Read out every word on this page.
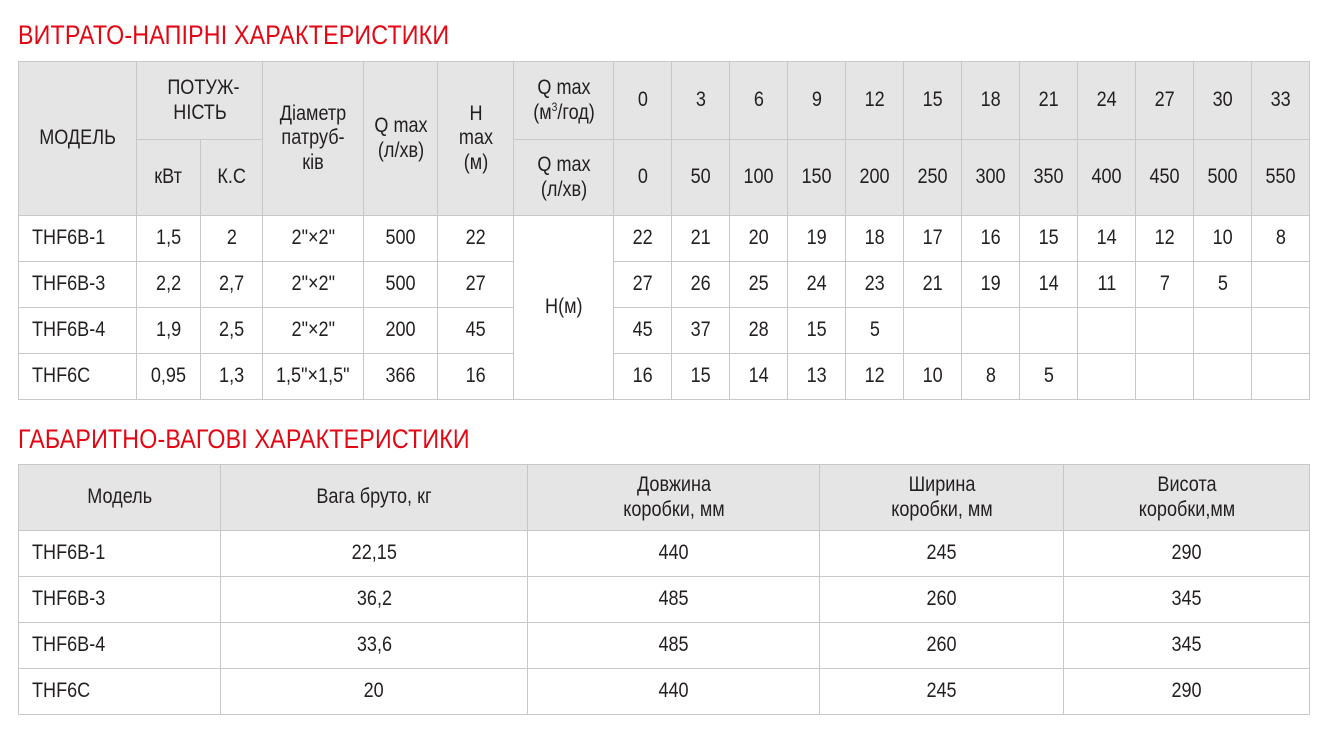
ВИТРАТО-НАПІРНІ ХАРАКТЕРИСТИКИ
МОДЕЛЬ	ПОТУЖ-НІСТЬ		Діаметр патруб-ків	Q max (л/хв)	H max (м)	Q $\max (м^3/год)$	0	3	6	9	12	15	18	21	24	27	30	33
	кВт	К.С				Q max (л/хв)	0	50	100	150	200	250	300	350	400	450	500	550
THF6B-1	1,5	2	2"×2"	500	22	H(м)	22	21	20	19	18	17	16	15	14	12	10	8
THF6B-3	2,2	2,7	2"×2"	500	27		27	26	25	24	23	21	19	14	11	7	5	
THF6B-4	1,9	2,5	2"×2"	200	45		45	37	28	15	5							
THF6C	0,95	1,3	1,5"×1,5"	366	16		16	15	14	13	12	10	8	5				
ГАБАРИТНО-ВАГОВІ ХАРАКТЕРИСТИКИ
Модель	Вага бруто, кг	Довжина коробки, мм	Ширина коробки, мм	Висота коробки,мм
THF6B-1	22,15	440	245	290
THF6B-3	36,2	485	260	345
THF6B-4	33,6	485	260	345
THF6C	20	440	245	290
